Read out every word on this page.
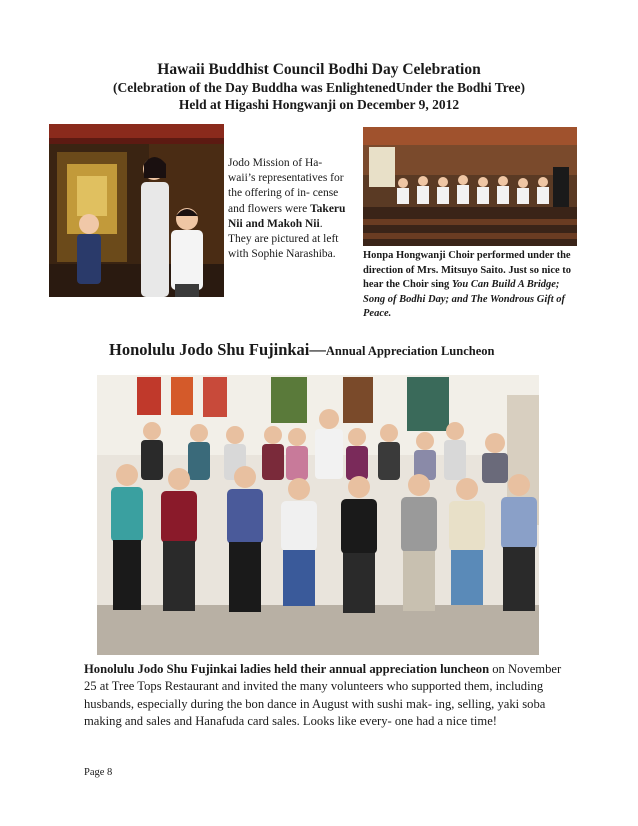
Hawaii Buddhist Council Bodhi Day Celebration
(Celebration of the Day Buddha was EnlightenedUnder the Bodhi Tree)
Held at Higashi Hongwanji on December 9, 2012
Jodo Mission of Ha- waii’s representatives for the offering of in- cense and flowers were Takeru Nii and Makoh Nii. They are pictured at left with Sophie Narashiba.	Honpa Hongwanji Choir performed under the direction of Mrs. Mitsuyo Saito. Just so nice to hear the Choir sing You Can Build A Bridge; Song of Bodhi Day; and The Wondrous Gift of Peace.
Honolulu Jodo Shu Fujinkai—Annual Appreciation Luncheon
Honolulu Jodo Shu Fujinkai ladies held their annual appreciation luncheon on November 25 at Tree Tops Restaurant and invited the many volunteers who supported them, including husbands, especially during the bon dance in August with sushi mak- ing, selling, yaki soba making and sales and Hanafuda card sales. Looks like every- one had a nice time!
Page 8
